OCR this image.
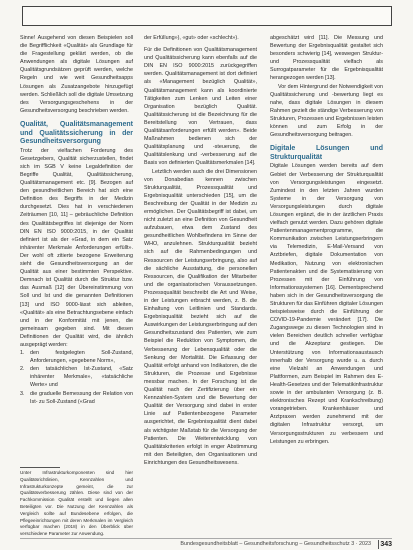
Sinne! Ausgehend von diesen Beispielen soll die Begrifflichkeit «Qualität» als Grundlage für die Fragestellung geklärt werden, ob die Anwendungen als digitale Lösungen auf Qualitätsgrundsätzen geprüft werden, welche Regeln und wie weit Gesundheitsapps Lösungen als Zusatzangebote hinzugefügt werden. Schließlich soll die digitale Umsetzung des Versorgungsgeschehens in der Gesundheitsversorgung beschrieben werden.

Qualität, Qualitätsmanagement und Qualitätssicherung in der Gesundheitsversorgung

Trotz der vielfachen Forderung des Gesetzgebers, Qualität sicherzustellen, findet sich im SGB V keine Legaldefinition der Begriffe Qualität, Qualitätssicherung, Qualitätsmanagement etc. [9]. Bezogen auf den gesundheitlichen Bereich hat sich eine Definition des Begriffs in der Medizin durchgesetzt. Dies hat in verschiedenen Zeiträumen [10, 11] – gebräuchliche Definition des Qualitätsbegriffes ist diejenige der Norm DIN EN ISO 9000:2015, in der Qualität definiert ist als der «Grad, in dem ein Satz inhärenter Merkmale Anforderungen erfüllt». Der wohl oft zitierte bezogene Erweiterung sieht die Gesundheitsversorgung an der Qualität aus einer bestimmten Perspektive. Demnach ist Qualität durch die Struktur bzw. das Ausmaß [12] der Übereinstimmung von Soll und Ist und die genannten Definitionen [13] und ISO 9000-lässt sich ableiten, «Qualität» als eine Betrachtungsebene einfach und in der Konformität mit jenen, die gemeinsam gegeben sind. Mit diesen Definitionen der Qualität wird, die ähnlich ausgeprägt werden:

1.	den festgelegten Soll-Zustand, Anforderungen, «gegebene Norm»,
2.	den tatsächlichen Ist-Zustand, «Satz inhärenter Merkmale», «tatsächliche Werte» und
3.	die graduelle Bemessung der Relation von Ist- zu Soll-Zustand («Grad
Unter Infrastrukturkomponenten sind hier Qualitätsrichtlinien, Kennzahlen und Infrastrukturkonzepte gemeint, die zur Qualitätsverbesserung zählen. Diese sind von der Fachkommission Qualität erstellt und liegen allen Beteiligten vor. Die Nutzung der Kennzahlen als Vergleich sollte auf Bundesebene erfolgen, die Pflegeeinrichtungen mit deren Merkmalen im Vergleich verfügbar machen (2018) in den Überblick über verschiedene Parameter zur Anwendung.

der Erfüllung»), «gut» oder «schlecht»).

Für die Definitionen von Qualitätsmanagement und Qualitätssicherung kann ebenfalls auf die DIN EN ISO 9000:2015 zurückgegriffen werden. Qualitätsmanagement ist dort definiert als «Management bezüglich Qualität», Qualitätsmanagement kann als koordinierte Tätigkeiten zum Lenken und Leiten einer Organisation bezüglich Qualität. Qualitätssicherung ist die Bezeichnung für die Bereitstellung von Vertrauen, dass Qualitätsanforderungen erfüllt werden». Beide Maßnahmen bedienen sich der Qualitätsplanung und -steuerung, die Qualitätslenkung und -verbesserung auf die Basis von definierten Qualitätsmerkmalen [14].

Letztlich werden auch die drei Dimensionen von Donabedian kennen zwischen Strukturqualität, Prozessqualität und Ergebnisqualität unterschieden [15], um die Beschreibung der Qualität in der Medizin zu ermöglichen. Der Qualitätsbegriff ist dabei, um nicht zuletzt an eine Definition von Gesundheit aufzubauen, etwa dem Zustand des gesundheitlichen Wohlbefindens im Sinne der WHO, anzulehnen. Strukturqualität bezieht sich auf die Rahmenbedingungen und Ressourcen der Leistungserbringung, also auf die sächliche Ausstattung, die personellen Ressourcen, die Qualifikation der Mitarbeiter und die organisatorischen Voraussetzungen. Prozessqualität beschreibt die Art und Weise, in der Leistungen erbracht werden, z. B. die Einhaltung von Leitlinien und Standards. Ergebnisqualität bezieht sich auf die Auswirkungen der Leistungserbringung auf den Gesundheitszustand des Patienten, wie zum Beispiel die Reduktion von Symptomen, die Verbesserung der Lebensqualität oder die Senkung der Mortalität. Die Erfassung der Qualität erfolgt anhand von Indikatoren, die die Strukturen, die Prozesse und Ergebnisse messbar machen. In der Forschung ist die Qualität nach der Zertifizierung über ein Kennzahlen-System und die Bewertung der Qualität der Versorgung sind dabei in erster Linie auf Patientenbezogene Parameter ausgerichtet, die Ergebnisqualität dient dabei als wichtigster Maßstab für die Versorgung der Patienten. Die Weiterentwicklung von Qualitätskriterien erfolgt in enger Abstimmung mit den Beteiligten, den Organisationen und Einrichtungen des Gesundheitswesens.

abgeschätzt wird [11]. Die Messung und Bewertung der Ergebnisqualität gestaltet sich besonders schwierig [14], weswegen Struktur- und Prozessqualität vielfach als Surrogatparameter für die Ergebnisqualität herangezogen werden [13].

Vor dem Hintergrund der Notwendigkeit von Qualitätssicherung und -bewertung liegt es nahe, dass digitale Lösungen in diesem Rahmen gezielt die ständige Verbesserung von Strukturen, Prozessen und Ergebnissen leisten können und zum Erfolg in der Gesundheitsversorgung beitragen.

Digitale Lösungen und Strukturqualität

Digitale Lösungen werden bereits auf dem Gebiet der Verbesserung der Strukturqualität von Versorgungsleistungen eingesetzt. Zumindest in den letzten Jahren wurden Systeme in der Versorgung von Versorgungsleistungen durch digitale Lösungen ergänzt, die in der ärztlichen Praxis vielfach genutzt werden. Dazu gehören digitale Patientenmanagementprogramme, die Kommunikation zwischen Leistungserbringern via Telemedizin, E-Mail-Versand von Arztbriefen, digitale Dokumentation von Medikation, Nutzung von elektronischen Patientenakten und die Systematisierung von Prozessen mit der Einführung von Informationssystemen [16]. Dementsprechend haben sich in der Gesundheitsversorgung die Strukturen für das Einführen digitaler Lösungen beispielsweise durch die Einführung der COVID-19-Pandemie verändert [17]. Die Zugangswege zu diesen Technologien sind in vielen Bereichen deutlich schneller verfügbar und die Akzeptanz gestiegen. Die Unterstützung von Informationsaustausch innerhalb der Versorgung wurde u. a. durch eine Vielzahl an Anwendungen und Plattformen, zum Beispiel im Rahmen des E-Health-Gesetzes und der Telematikinfrastruktur sowie in der ambulanten Versorgung (z. B. elektronisches Rezept und Krankschreibung) vorangetrieben. Krankenhäuser und Arztpraxen werden zunehmend mit der digitalen Infrastruktur versorgt, um Versorgungsstrukturen zu verbessern und Leistungen zu erbringen.

Bundesgesundheitsblatt – Gesundheitsforschung – Gesundheitsschutz 3 · 2023 343
